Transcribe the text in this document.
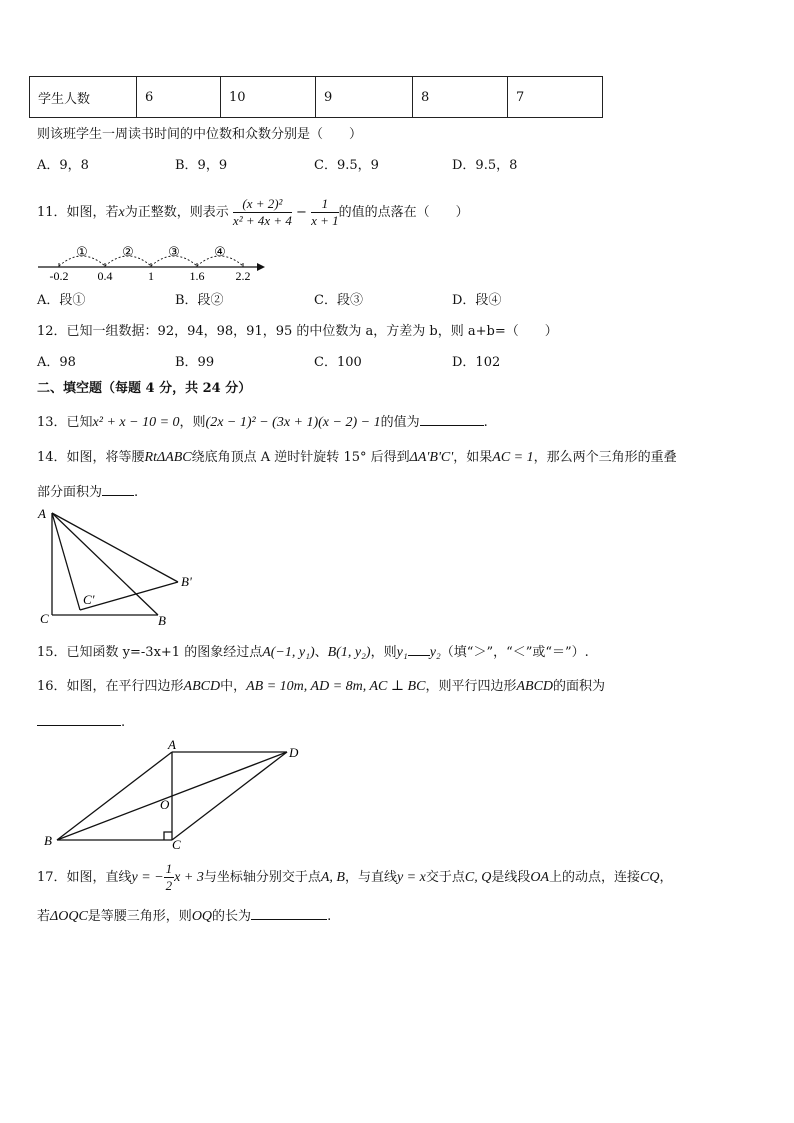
学生人数	6	10	9	8	7
则该班学生一周读书时间的中位数和众数分别是（　　）
A．9，8	B．9，9	C．9.5，9	D．9.5，8
11．如图，若x为正整数，则表示 $\frac{\text{(x + 2)²}}{\text{x² + 4x + 4}} - \frac{1}{x + 1}$ 的值的点落在（　　）
①	②	③	④
-0.2 0.4	1	1.6	2.2
A．段①	B．段②	C．段③	D．段④
12．已知一组数据：92，94，98，91，95 的中位数为 a，方差为 b，则 a+b=（　　）
A．98	B．99	C．100	D．102
二、填空题（每题 4 分，共 24 分）
13．已知x² + x − 10 = 0，则(2x − 1)² − (3x + 1)(x − 2) − 1的值为	.
14．如图，将等腰RtΔABC绕底角顶点 A 逆时针旋转 15° 后得到ΔA'B'C'，如果AC = 1，那么两个三角形的重叠
部分面积为 .
A
C	B
B'
C'
15．已知函数 y=-3x+1 的图象经过点A(−1, y₁)、B(1, y₂)，则y₁ y₂（填“＞”，“＜”或“＝”）.
16．如图，在平行四边形ABCD中，AB = 10m, AD = 8m, AC ⊥ BC，则平行四边形ABCD的面积为
.
A
D
B	C
O
17．如图，直线y = − $\frac{1}{2}$ x + 3与坐标轴分别交于点A, B，与直线y = x交于点C, Q是线段OA上的动点，连接CQ，
若ΔOQC是等腰三角形，则OQ的长为	.
